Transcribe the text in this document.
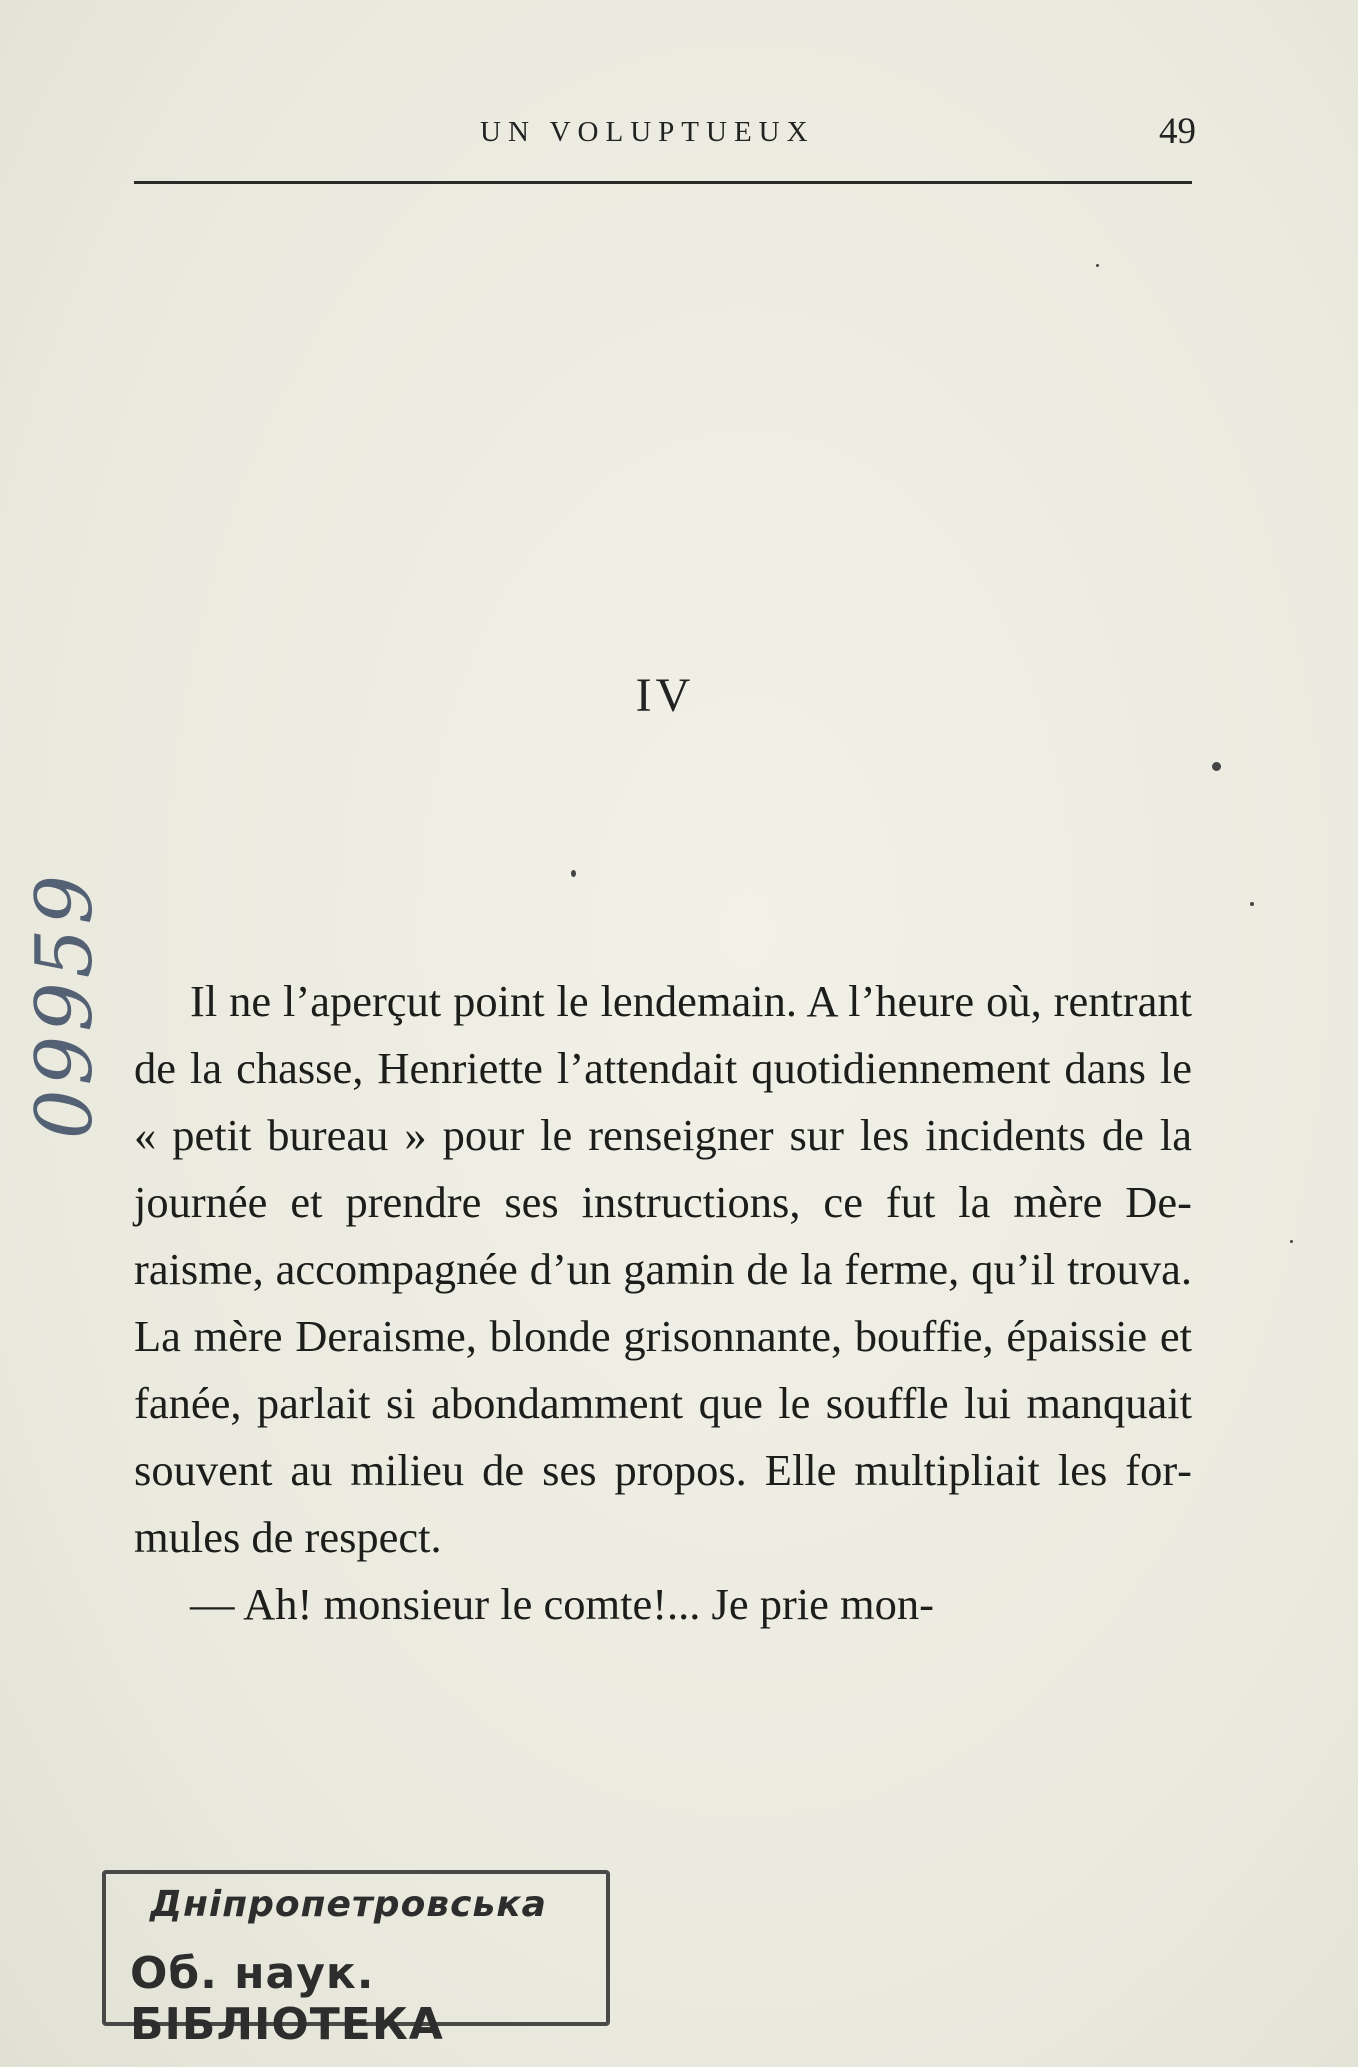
UN VOLUPTUEUX	49
IV

Il ne l’aperçut point le lendemain. A l’heure où, rentrant de la chasse, Henriette l’attendait quotidiennement dans le « petit bureau » pour le renseigner sur les incidents de la journée et prendre ses instructions, ce fut la mère Deraisme, accompagnée d’un gamin de la ferme, qu’il trouva. La mère Deraisme, blonde grisonnante, bouffie, épaissie et fanée, parlait si abondamment que le souffle lui manquait souvent au milieu de ses propos. Elle multipliait les formules de respect.

— Ah! monsieur le comte!... Je prie mon-

09959
Дніпропетровська
Об. наук. БІБЛІОТЕКА
